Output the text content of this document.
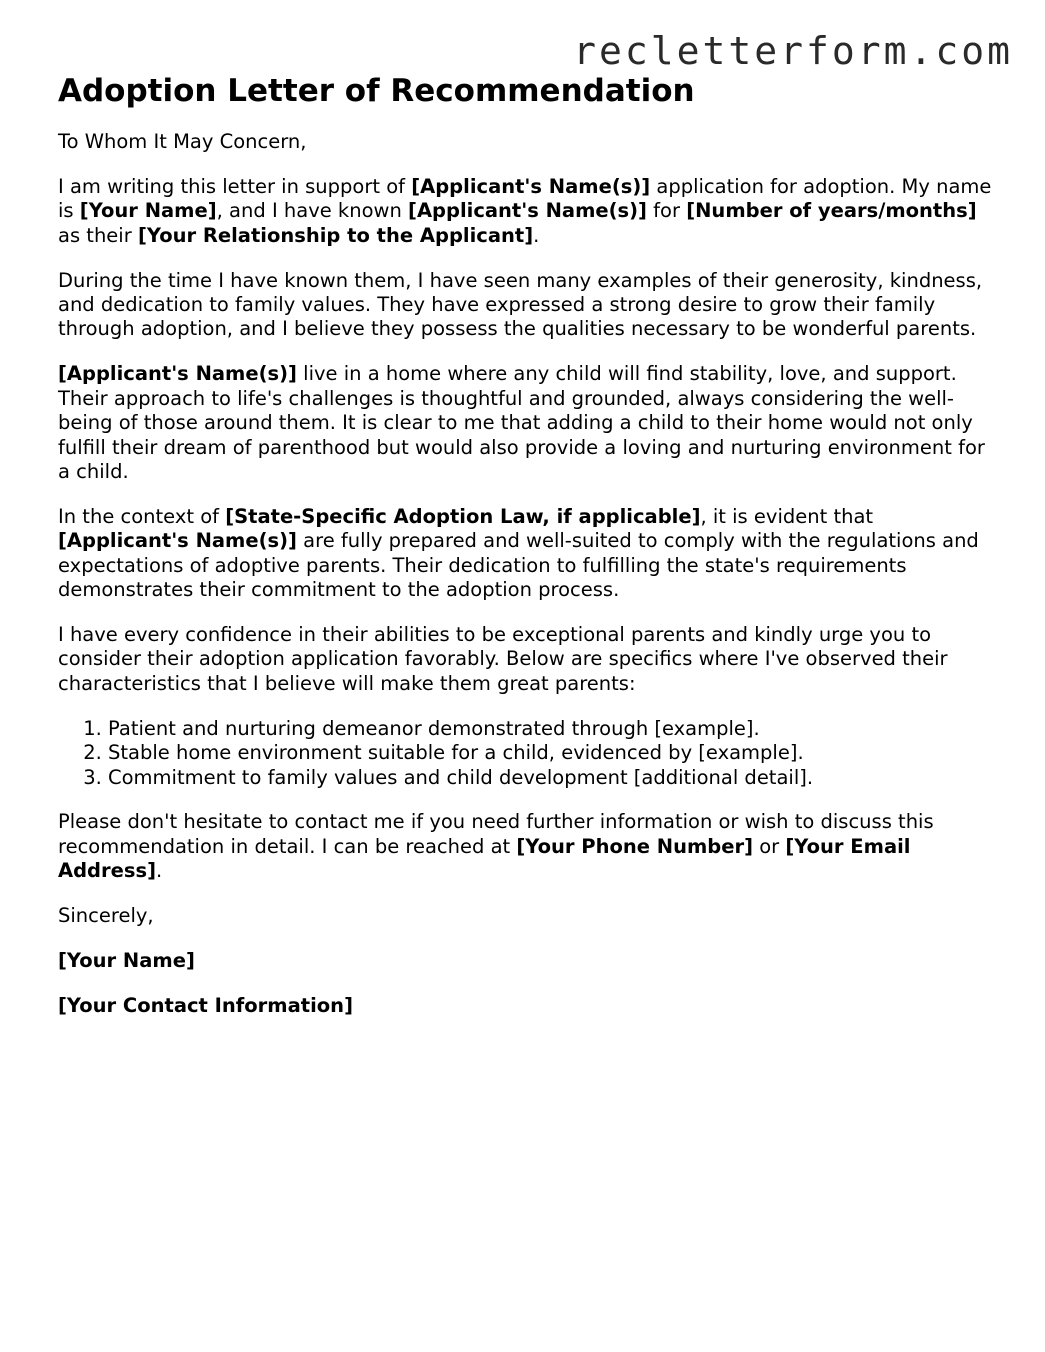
recletterform.com
Adoption Letter of Recommendation

To Whom It May Concern,

I am writing this letter in support of [Applicant's Name(s)] application for adoption. My name is [Your Name], and I have known [Applicant's Name(s)] for [Number of years/months] as their [Your Relationship to the Applicant].

During the time I have known them, I have seen many examples of their generosity, kindness, and dedication to family values. They have expressed a strong desire to grow their family through adoption, and I believe they possess the qualities necessary to be wonderful parents.

[Applicant's Name(s)] live in a home where any child will find stability, love, and support. Their approach to life's challenges is thoughtful and grounded, always considering the well-being of those around them. It is clear to me that adding a child to their home would not only fulfill their dream of parenthood but would also provide a loving and nurturing environment for a child.

In the context of [State-Specific Adoption Law, if applicable], it is evident that [Applicant's Name(s)] are fully prepared and well-suited to comply with the regulations and expectations of adoptive parents. Their dedication to fulfilling the state's requirements demonstrates their commitment to the adoption process.

I have every confidence in their abilities to be exceptional parents and kindly urge you to consider their adoption application favorably. Below are specifics where I've observed their characteristics that I believe will make them great parents:

1. Patient and nurturing demeanor demonstrated through [example].
2. Stable home environment suitable for a child, evidenced by [example].
3. Commitment to family values and child development [additional detail].

Please don't hesitate to contact me if you need further information or wish to discuss this recommendation in detail. I can be reached at [Your Phone Number] or [Your Email Address].

Sincerely,

[Your Name]

[Your Contact Information]
